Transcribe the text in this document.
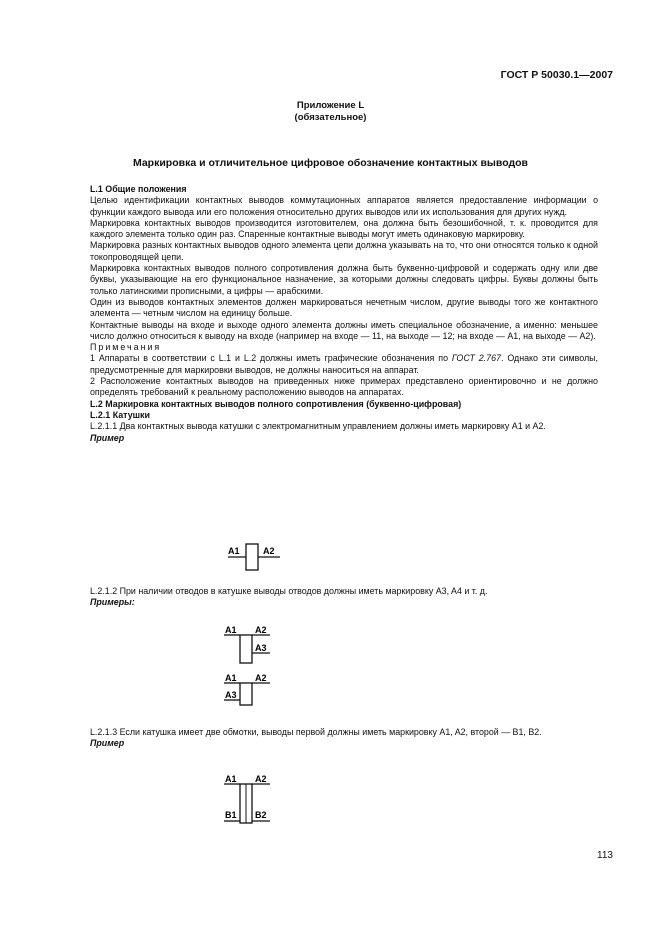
ГОСТ Р 50030.1—2007
Приложение L
(обязательное)
Маркировка и отличительное цифровое обозначение контактных выводов

L.1 Общие положения

Целью идентификации контактных выводов коммутационных аппаратов является предоставление информации о функции каждого вывода или его положения относительно других выводов или их использования для других нужд.

Маркировка контактных выводов производится изготовителем, она должна быть безошибочной, т. к. проводится для каждого элемента только один раз. Спаренные контактные выводы могут иметь одинаковую маркировку.

Маркировка разных контактных выводов одного элемента цепи должна указывать на то, что они относятся только к одной токопроводящей цепи.

Маркировка контактных выводов полного сопротивления должна быть буквенно-цифровой и содержать одну или две буквы, указывающие на его функциональное назначение, за которыми должны следовать цифры. Буквы должны быть только латинскими прописными, а цифры — арабскими.

Один из выводов контактных элементов должен маркироваться нечетным числом, другие выводы того же контактного элемента — четным числом на единицу больше.

Контактные выводы на входе и выходе одного элемента должны иметь специальное обозначение, а именно: меньшее число должно относиться к выводу на входе (например на входе — 11, на выходе — 12; на входе — A1, на выходе — A2).

Примечания

1 Аппараты в соответствии с L.1 и L.2 должны иметь графические обозначения по ГОСТ 2.767. Однако эти символы, предусмотренные для маркировки выводов, не должны наноситься на аппарат.

2 Расположение контактных выводов на приведенных ниже примерах представлено ориентировочно и не должно определять требований к реальному расположению выводов на аппаратах.

L.2 Маркировка контактных выводов полного сопротивления (буквенно-цифровая)

L.2.1 Катушки

L.2.1.1 Два контактных вывода катушки с электромагнитным управлением должны иметь маркировку A1 и A2.

Пример

A1	A2

L.2.1.2 При наличии отводов в катушке выводы отводов должны иметь маркировку A3, A4 и т. д.

Примеры:

A1 A2
A3
A1 A2
A3

L.2.1.3 Если катушка имеет две обмотки, выводы первой должны иметь маркировку A1, A2, второй — B1, B2.

Пример

A1 A2
B1 B2
113
